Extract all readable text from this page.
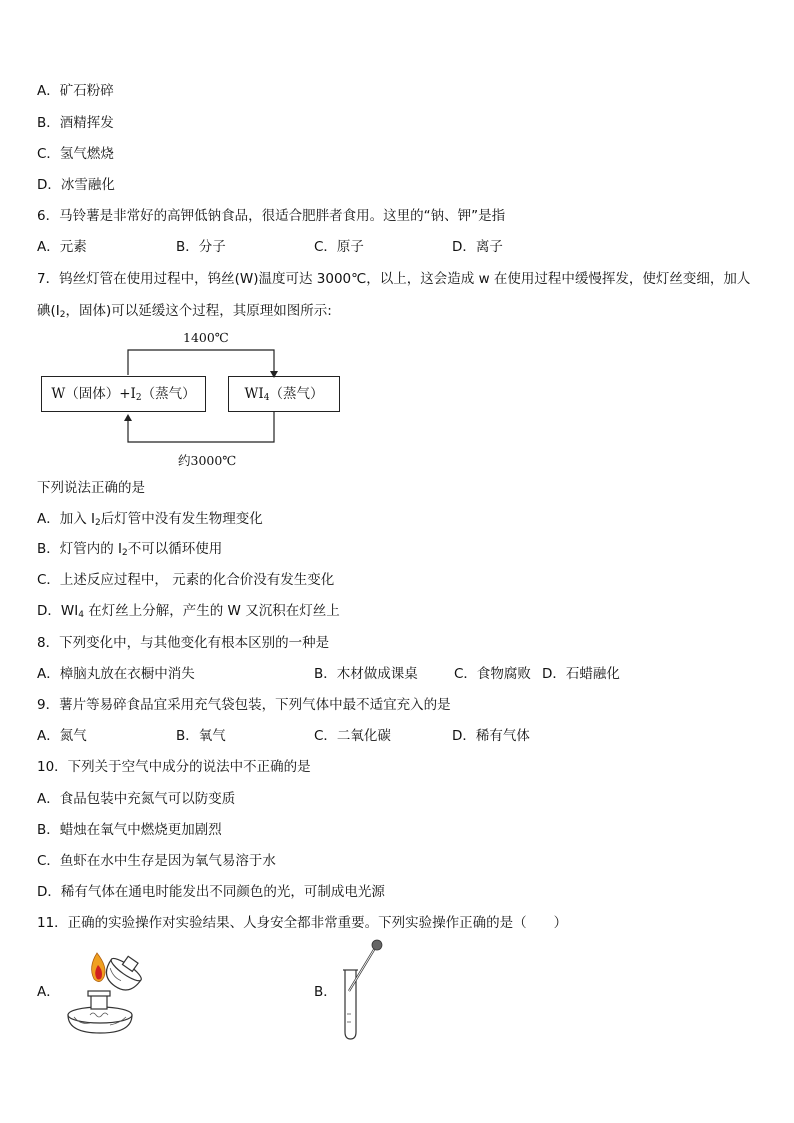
A．矿石粉碎
B．酒精挥发
C．氢气燃烧
D．冰雪融化
6．马铃薯是非常好的高钾低钠食品，很适合肥胖者食用。这里的“钠、钾”是指
A．元素	B．分子	C．原子	D．离子
7．钨丝灯管在使用过程中，钨丝(W)温度可达 3000℃，以上，这会造成 w 在使用过程中缓慢挥发，使灯丝变细，加人
碘($I_2$，固体)可以延缓这个过程，其原理如图所示:
1400℃
W（固体）$+I_2$（蒸气）	$WI_4$（蒸气）
约3000℃
下列说法正确的是
A．加入 $I_2$后灯管中没有发生物理变化
B．灯管内的 $I_2$不可以循环使用
C．上述反应过程中， 元素的化合价没有发生变化
D．$WI_4$ 在灯丝上分解，产生的 W 又沉积在灯丝上
8．下列变化中，与其他变化有根本区别的一种是
A．樟脑丸放在衣橱中消失	B．木材做成课桌	C．食物腐败 D．石蜡融化
9．薯片等易碎食品宜采用充气袋包装，下列气体中最不适宜充入的是
A．氮气	B．氧气	C．二氧化碳	D．稀有气体
10．下列关于空气中成分的说法中不正确的是
A．食品包装中充氮气可以防变质
B．蜡烛在氧气中燃烧更加剧烈
C．鱼虾在水中生存是因为氧气易溶于水
D．稀有气体在通电时能发出不同颜色的光，可制成电光源
11．正确的实验操作对实验结果、人身安全都非常重要。下列实验操作正确的是（　　）
A．	B．
